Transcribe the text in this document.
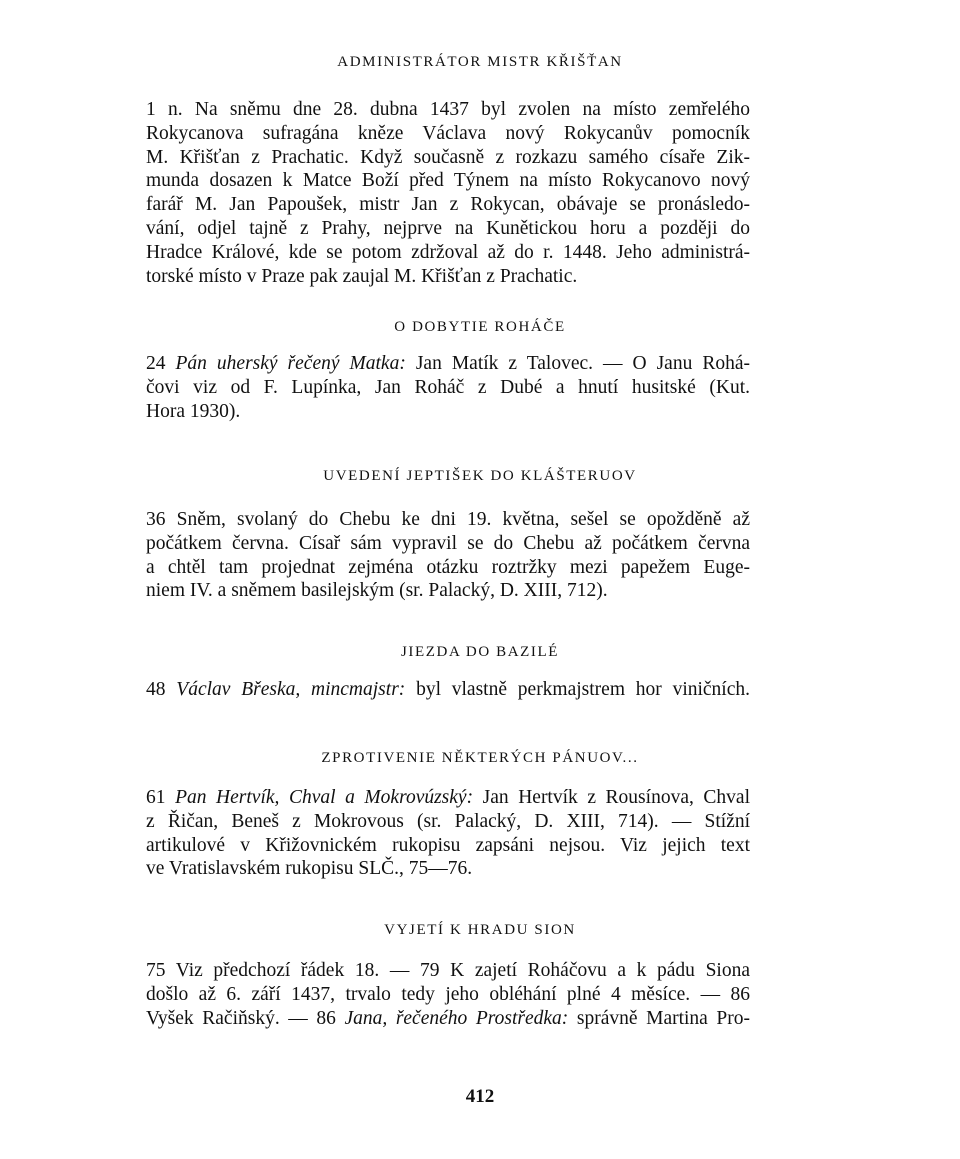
ADMINISTRÁTOR MISTR KŘIŠŤAN
1 n. Na sněmu dne 28. dubna 1437 byl zvolen na místo zemřelého
Rokycanova sufragána kněze Václava nový Rokycanův pomocník
M. Křišťan z Prachatic. Když současně z rozkazu samého císaře Zik-
munda dosazen k Matce Boží před Týnem na místo Rokycanovo nový
farář M. Jan Papoušek, mistr Jan z Rokycan, obávaje se pronásledo-
vání, odjel tajně z Prahy, nejprve na Kunětickou horu a později do
Hradce Králové, kde se potom zdržoval až do r. 1448. Jeho administrá-
torské místo v Praze pak zaujal M. Křišťan z Prachatic.
O DOBYTIE ROHÁČE
24 Pán uherský řečený Matka: Jan Matík z Talovec. — O Janu Rohá-
čovi viz od F. Lupínka, Jan Roháč z Dubé a hnutí husitské (Kut.
Hora 1930).
UVEDENÍ JEPTIŠEK DO KLÁŠTERUOV
36 Sněm, svolaný do Chebu ke dni 19. května, sešel se opožděně až
počátkem června. Císař sám vypravil se do Chebu až počátkem června
a chtěl tam projednat zejména otázku roztržky mezi papežem Euge-
niem IV. a sněmem basilejským (sr. Palacký, D. XIII, 712).
JIEZDA DO BAZILÉ
48 Václav Břeska, mincmajstr: byl vlastně perkmajstrem hor viničních.
ZPROTIVENIE NĚKTERÝCH PÁNUOV...
61 Pan Hertvík, Chval a Mokrovúzský: Jan Hertvík z Rousínova, Chval
z Řičan, Beneš z Mokrovous (sr. Palacký, D. XIII, 714). — Stížní
artikulové v Křižovnickém rukopisu zapsáni nejsou. Viz jejich text
ve Vratislavském rukopisu SLČ., 75—76.
VYJETÍ K HRADU SION
75 Viz předchozí řádek 18. — 79 K zajetí Roháčovu a k pádu Siona
došlo až 6. září 1437, trvalo tedy jeho obléhání plné 4 měsíce. — 86
Vyšek Račiňský. — 86 Jana, řečeného Prostředka: správně Martina Pro-
412
